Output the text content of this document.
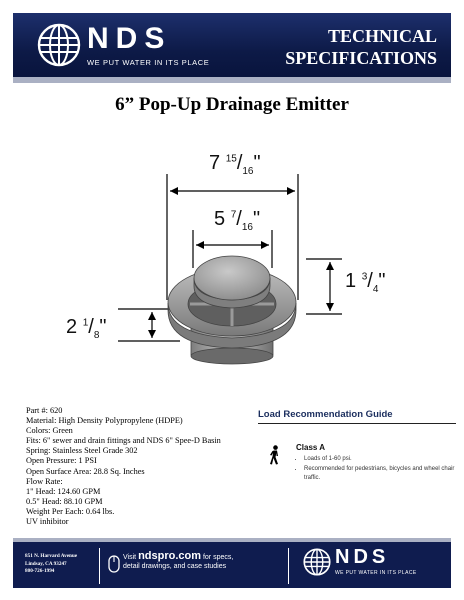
NDS
WE PUT WATER IN ITS PLACE
TECHNICAL
SPECIFICATIONS
6” Pop-Up Drainage Emitter
7 $^{15}/_{16}$"
5 $^7/_{16}$"
1 $^3/_4$"
2 $^1/_8$"
Part #: 620
Material: High Density Polypropylene (HDPE)
Colors: Green
Fits: 6" sewer and drain fittings and NDS 6" Spee-D Basin
Spring: Stainless Steel Grade 302
Open Pressure: 1 PSI
Open Surface Area: 28.8 Sq. Inches
Flow Rate:
1" Head: 124.60 GPM
0.5" Head: 88.10 GPM
Weight Per Each: 0.64 lbs.
UV inhibitor
Load Recommendation Guide
Class A
• Loads of 1-60 psi.
• Recommended for pedestrians, bicycles and wheel chair traffic.
851 N. Harvard Avenue
Lindsay, CA 93247
800-726-1994
Visit ndspro.com for specs,
detail drawings, and case studies	NDS
WE PUT WATER IN ITS PLACE
